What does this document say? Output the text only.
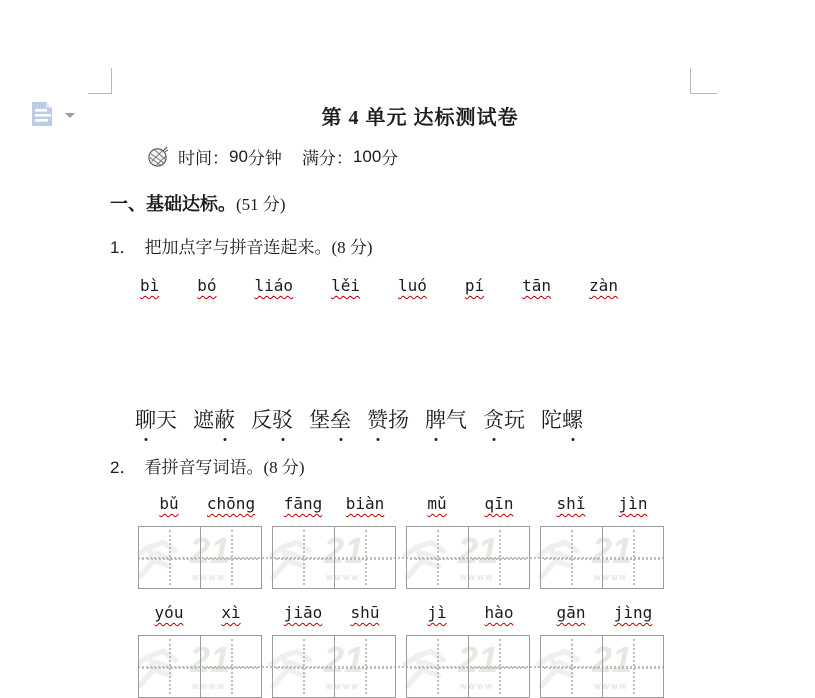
第 4 单元 达标测试卷
时间： 90 分钟 满分： 100 分
一、基础达标。(51 分)
1． 把加点字与拼音连起来。(8 分)
bì bó liáo lěi luó pí tān zàn
聊天 遮蔽 反驳 堡垒 赞扬 脾气 贪玩 陀螺
2． 看拼音写词语。(8 分)
21
wwww
21
wwww
21
wwww
21
wwww
bǔ	chōng	fāng	biàn	mǔ	qīn	shǐ	jìn
21
wwww
21
wwww
21
wwww
21
wwww
yóu	xì	jiāo	shū	jì	hào	gān	jìng
